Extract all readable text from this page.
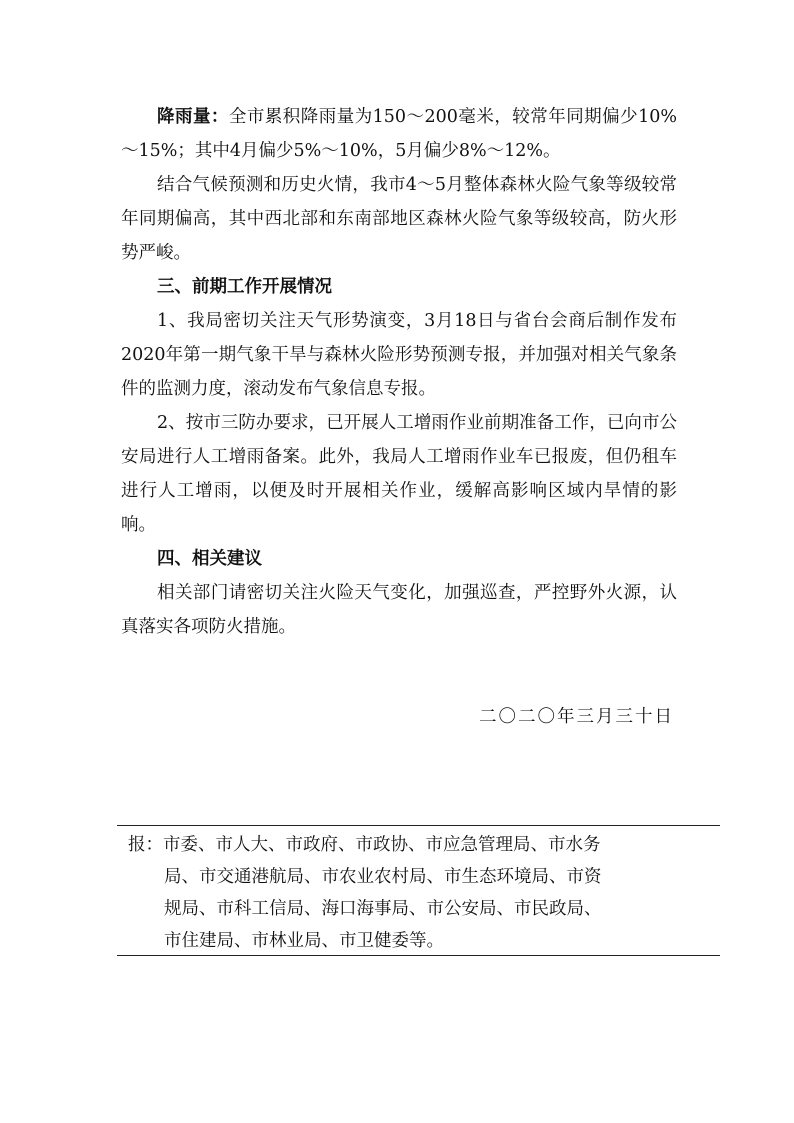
降雨量：全市累积降雨量为150～200毫米，较常年同期偏少10%～15%；其中4月偏少5%～10%，5月偏少8%～12%。
结合气候预测和历史火情，我市4～5月整体森林火险气象等级较常年同期偏高，其中西北部和东南部地区森林火险气象等级较高，防火形势严峻。
三、前期工作开展情况
1、我局密切关注天气形势演变，3月18日与省台会商后制作发布2020年第一期气象干旱与森林火险形势预测专报，并加强对相关气象条件的监测力度，滚动发布气象信息专报。
2、按市三防办要求，已开展人工增雨作业前期准备工作，已向市公安局进行人工增雨备案。此外，我局人工增雨作业车已报废，但仍租车进行人工增雨，以便及时开展相关作业，缓解高影响区域内旱情的影响。
四、相关建议
相关部门请密切关注火险天气变化，加强巡查，严控野外火源，认真落实各项防火措施。
二〇二〇年三月三十日
报：市委、市人大、市政府、市政协、市应急管理局、市水务
局、市交通港航局、市农业农村局、市生态环境局、市资
规局、市科工信局、海口海事局、市公安局、市民政局、
市住建局、市林业局、市卫健委等。
